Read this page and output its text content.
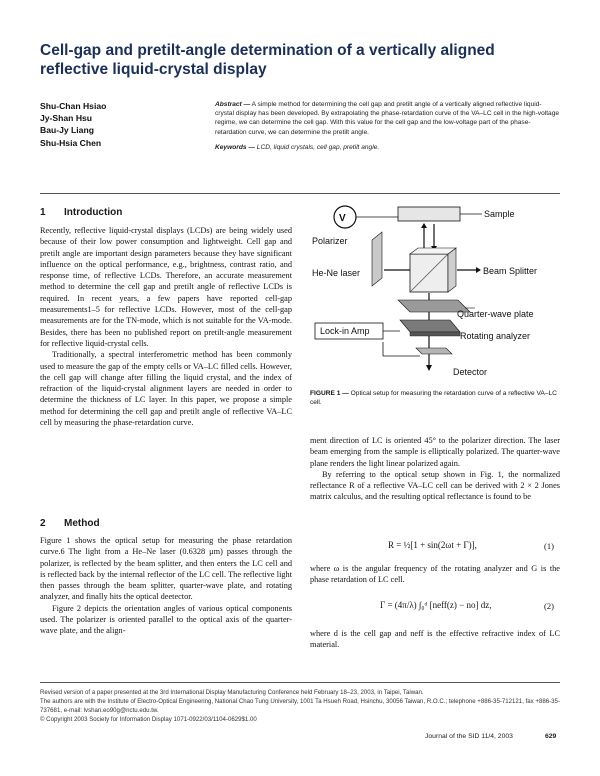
Cell-gap and pretilt-angle determination of a vertically aligned reflective liquid-crystal display
Shu-Chan Hsiao
Jy-Shan Hsu
Bau-Jy Liang
Shu-Hsia Chen
Abstract — A simple method for determining the cell gap and pretilt angle of a vertically aligned reflective liquid-crystal display has been developed. By extrapolating the phase-retardation curve of the VA–LC cell in the high-voltage regime, we can determine the cell gap. With this value for the cell gap and the low-voltage part of the phase-retardation curve, we can determine the pretilt angle.
Keywords — LCD, liquid crystals, cell gap, pretilt angle.
1 Introduction

Recently, reflective liquid-crystal displays (LCDs) are being widely used because of their low power consumption and lightweight. Cell gap and pretilt angle are important design parameters because they have significant influence on the optical performance, e.g., brightness, contrast ratio, and response time, of reflective LCDs. Therefore, an accurate measurement method to determine the cell gap and pretilt angle of reflective LCDs is required. In recent years, a few papers have reported cell-gap measurements1–5 for reflective LCDs. However, most of the cell-gap measurements are for the TN-mode, which is not suitable for the VA-mode. Besides, there has been no published report on pretilt-angle measurement for reflective liquid-crystal cells.

Traditionally, a spectral interferometric method has been commonly used to measure the gap of the empty cells or VA–LC filled cells. However, the cell gap will change after filling the liquid crystal, and the index of refraction of the liquid-crystal alignment layers are needed in order to determine the thickness of LC layer. In this paper, we propose a simple method for determining the cell gap and pretilt angle of reflective VA–LC cell by measuring the phase-retardation curve.

2 Method

Figure 1 shows the optical setup for measuring the phase retardation curve.6 The light from a He–Ne laser (0.6328 μm) passes through the polarizer, is reflected by the beam splitter, and then enters the LC cell and is reflected back by the internal reflector of the LC cell. The reflective light then passes through the beam splitter, quarter-wave plate, and rotating analyzer, and finally hits the optical deetector.

Figure 2 depicts the orientation angles of various optical components used. The polarizer is oriented parallel to the optical axis of the quarter-wave plate, and the align-

V	Sample
Polarizer
He-Ne laser	Beam Splitter
Quarter-wave plate
Lock-in Amp	Rotating analyzer
Detector
FIGURE 1 — Optical setup for measuring the retardation curve of a reflective VA–LC cell.

ment direction of LC is oriented 45° to the polarizer direction. The laser beam emerging from the sample is elliptically polarized. The quarter-wave plane renders the light linear polarized again.

By referring to the optical setup shown in Fig. 1, the normalized reflectance R of a reflective VA–LC cell can be derived with 2 × 2 Jones matrix calculus, and the resulting optical reflectance is found to be

R = ½[1 + sin(2ωt + Γ)],	(1)

where ω is the angular frequency of the rotating analyzer and G is the phase retardation of LC cell.

Γ = (4π/λ) ∫₀ᵈ [neff(z) − no] dz,	(2)

where d is the cell gap and neff is the effective refractive index of LC material.

Revised version of a paper presented at the 3rd International Display Manufacturing Conference held February 18–23, 2003, in Taipei, Taiwan.
The authors are with the Institute of Electro-Optical Engineering, National Chao Tung University, 1001 Ta Hsueh Road, Hsinchu, 30056 Taiwan, R.O.C.; telephone +886-35-712121, fax +886-35-737681, e-mail: lvshan.eo90g@nctu.edu.tw.
© Copyright 2003 Society for Information Display 1071-0922/03/1104-0629$1.00
Journal of the SID 11/4, 2003	629
